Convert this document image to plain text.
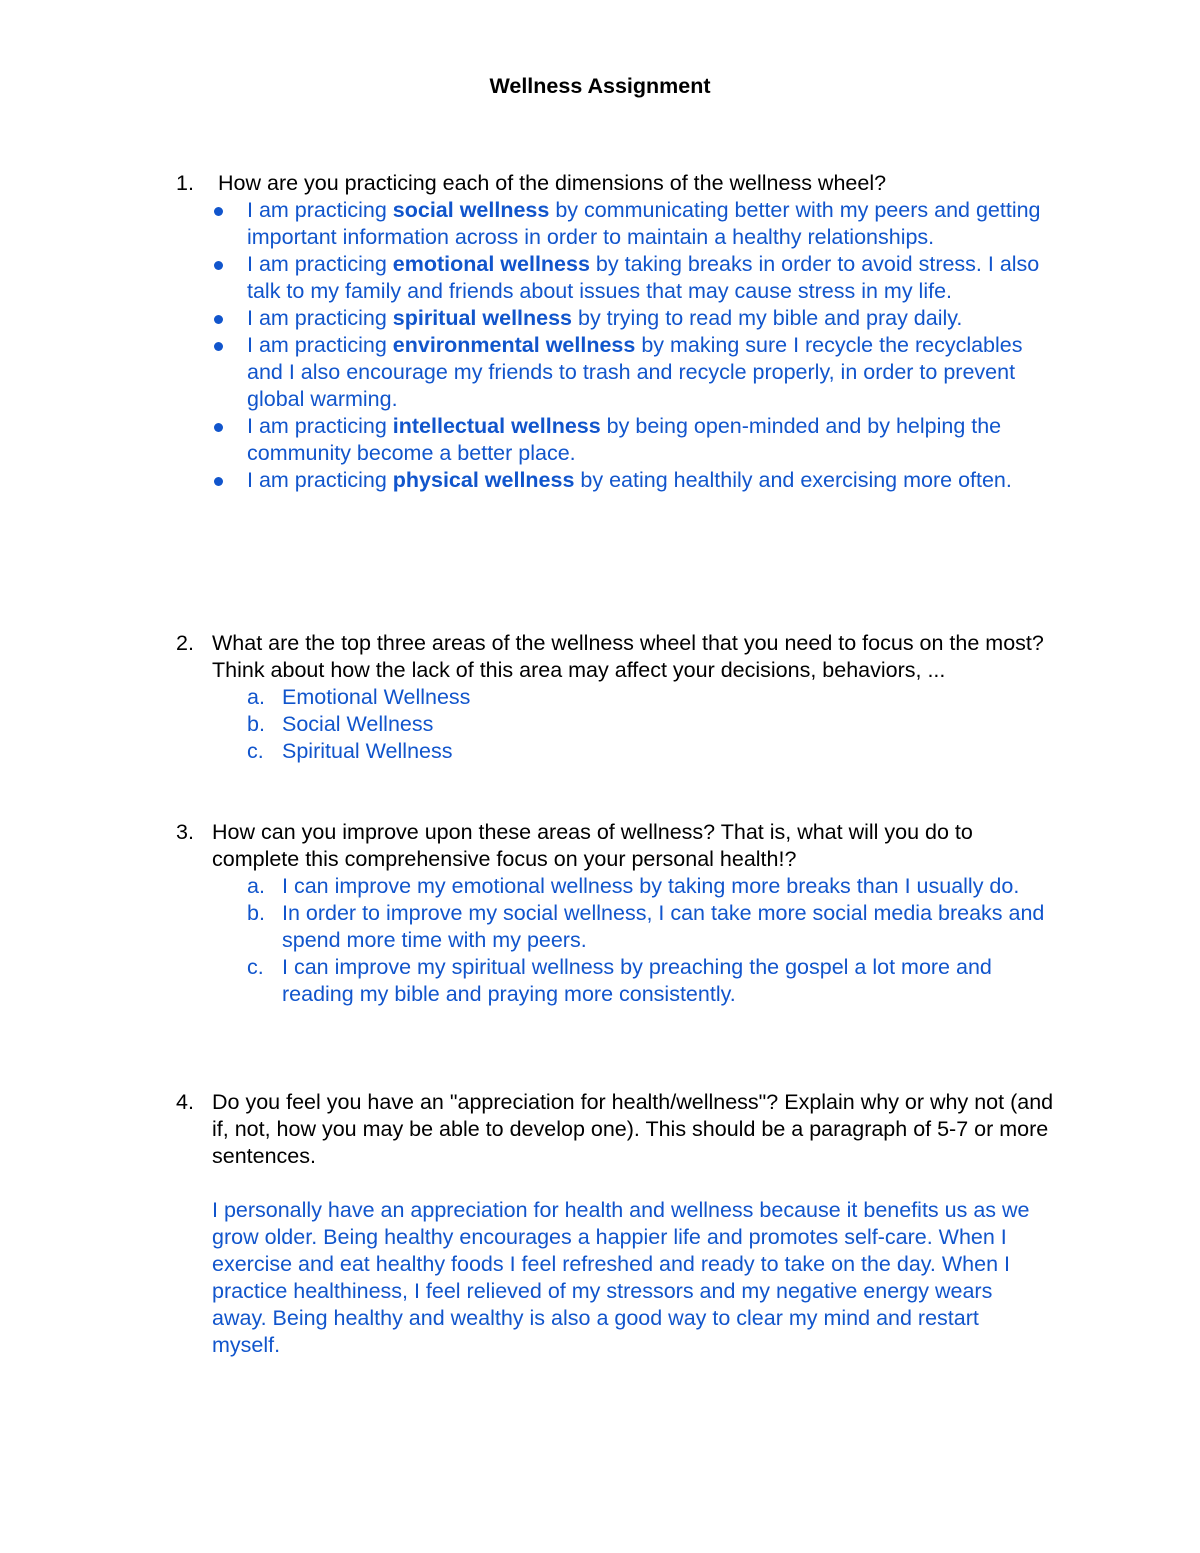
Wellness Assignment
1. How are you practicing each of the dimensions of the wellness wheel?
I am practicing social wellness by communicating better with my peers and getting important information across in order to maintain a healthy relationships.
I am practicing emotional wellness by taking breaks in order to avoid stress. I also talk to my family and friends about issues that may cause stress in my life.
I am practicing spiritual wellness by trying to read my bible and pray daily.
I am practicing environmental wellness by making sure I recycle the recyclables and I also encourage my friends to trash and recycle properly, in order to prevent global warming.
I am practicing intellectual wellness by being open-minded and by helping the community become a better place.
I am practicing physical wellness by eating healthily and exercising more often.
2. What are the top three areas of the wellness wheel that you need to focus on the most? Think about how the lack of this area may affect your decisions, behaviors, ...
a. Emotional Wellness
b. Social Wellness
c. Spiritual Wellness
3. How can you improve upon these areas of wellness? That is, what will you do to complete this comprehensive focus on your personal health!?
a. I can improve my emotional wellness by taking more breaks than I usually do.
b. In order to improve my social wellness, I can take more social media breaks and spend more time with my peers.
c. I can improve my spiritual wellness by preaching the gospel a lot more and reading my bible and praying more consistently.
4. Do you feel you have an "appreciation for health/wellness"? Explain why or why not (and if, not, how you may be able to develop one). This should be a paragraph of 5-7 or more sentences.
I personally have an appreciation for health and wellness because it benefits us as we grow older. Being healthy encourages a happier life and promotes self-care. When I exercise and eat healthy foods I feel refreshed and ready to take on the day. When I practice healthiness, I feel relieved of my stressors and my negative energy wears away. Being healthy and wealthy is also a good way to clear my mind and restart myself.
